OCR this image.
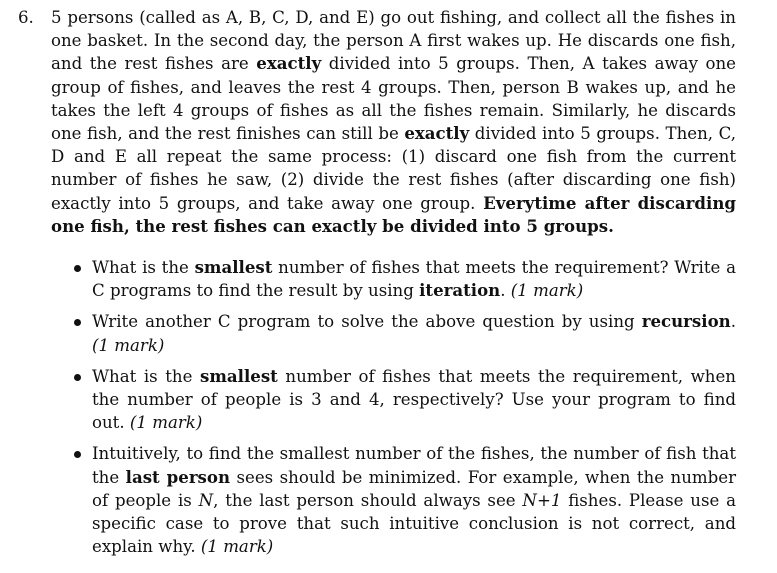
6. 5 persons (called as A, B, C, D, and E) go out fishing, and collect all the fishes in one basket. In the second day, the person A first wakes up. He discards one fish, and the rest fishes are exactly divided into 5 groups. Then, A takes away one group of fishes, and leaves the rest 4 groups. Then, person B wakes up, and he takes the left 4 groups of fishes as all the fishes remain. Similarly, he discards one fish, and the rest finishes can still be exactly divided into 5 groups. Then, C, D and E all repeat the same process: (1) discard one fish from the current number of fishes he saw, (2) divide the rest fishes (after discarding one fish) exactly into 5 groups, and take away one group. Everytime after discarding one fish, the rest fishes can exactly be divided into 5 groups.
What is the smallest number of fishes that meets the requirement? Write a C programs to find the result by using iteration. (1 mark)
Write another C program to solve the above question by using recursion. (1 mark)
What is the smallest number of fishes that meets the requirement, when the number of people is 3 and 4, respectively? Use your program to find out. (1 mark)
Intuitively, to find the smallest number of the fishes, the number of fish that the last person sees should be minimized. For example, when the number of people is N, the last person should always see N+1 fishes. Please use a specific case to prove that such intuitive conclusion is not correct, and explain why. (1 mark)
